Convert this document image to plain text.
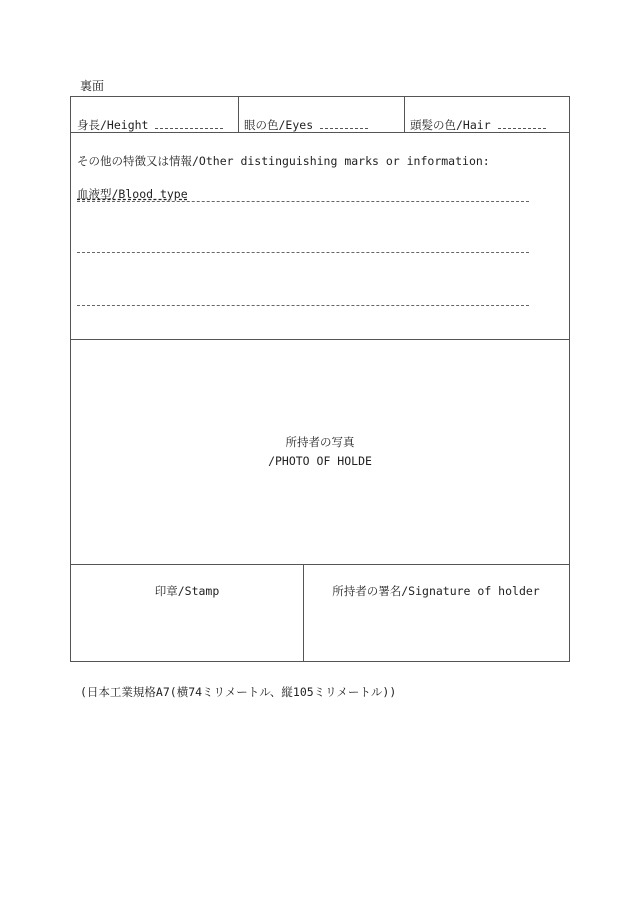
裏面
身長/Height	眼の色/Eyes	頭髪の色/Hair
その他の特徴又は情報/Other distinguishing marks or information:
血液型/Blood type
所持者の写真
/PHOTO OF HOLDE
印章/Stamp	所持者の署名/Signature of holder
(日本工業規格A7(横74ミリメートル、縦105ミリメートル))
